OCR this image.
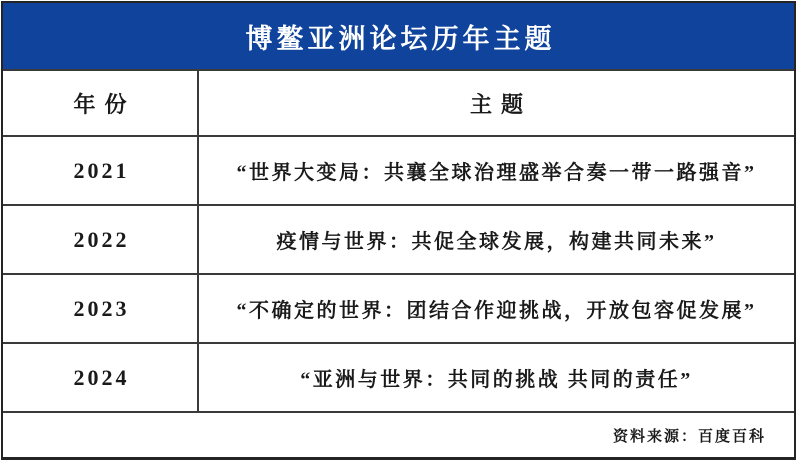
博鳌亚洲论坛历年主题
年份	主题
2021	“世界大变局：共襄全球治理盛举合奏一带一路强音”
2022	疫情与世界：共促全球发展，构建共同未来”
2023	“不确定的世界：团结合作迎挑战，开放包容促发展”
2024	“亚洲与世界：共同的挑战 共同的责任”
资料来源：百度百科
